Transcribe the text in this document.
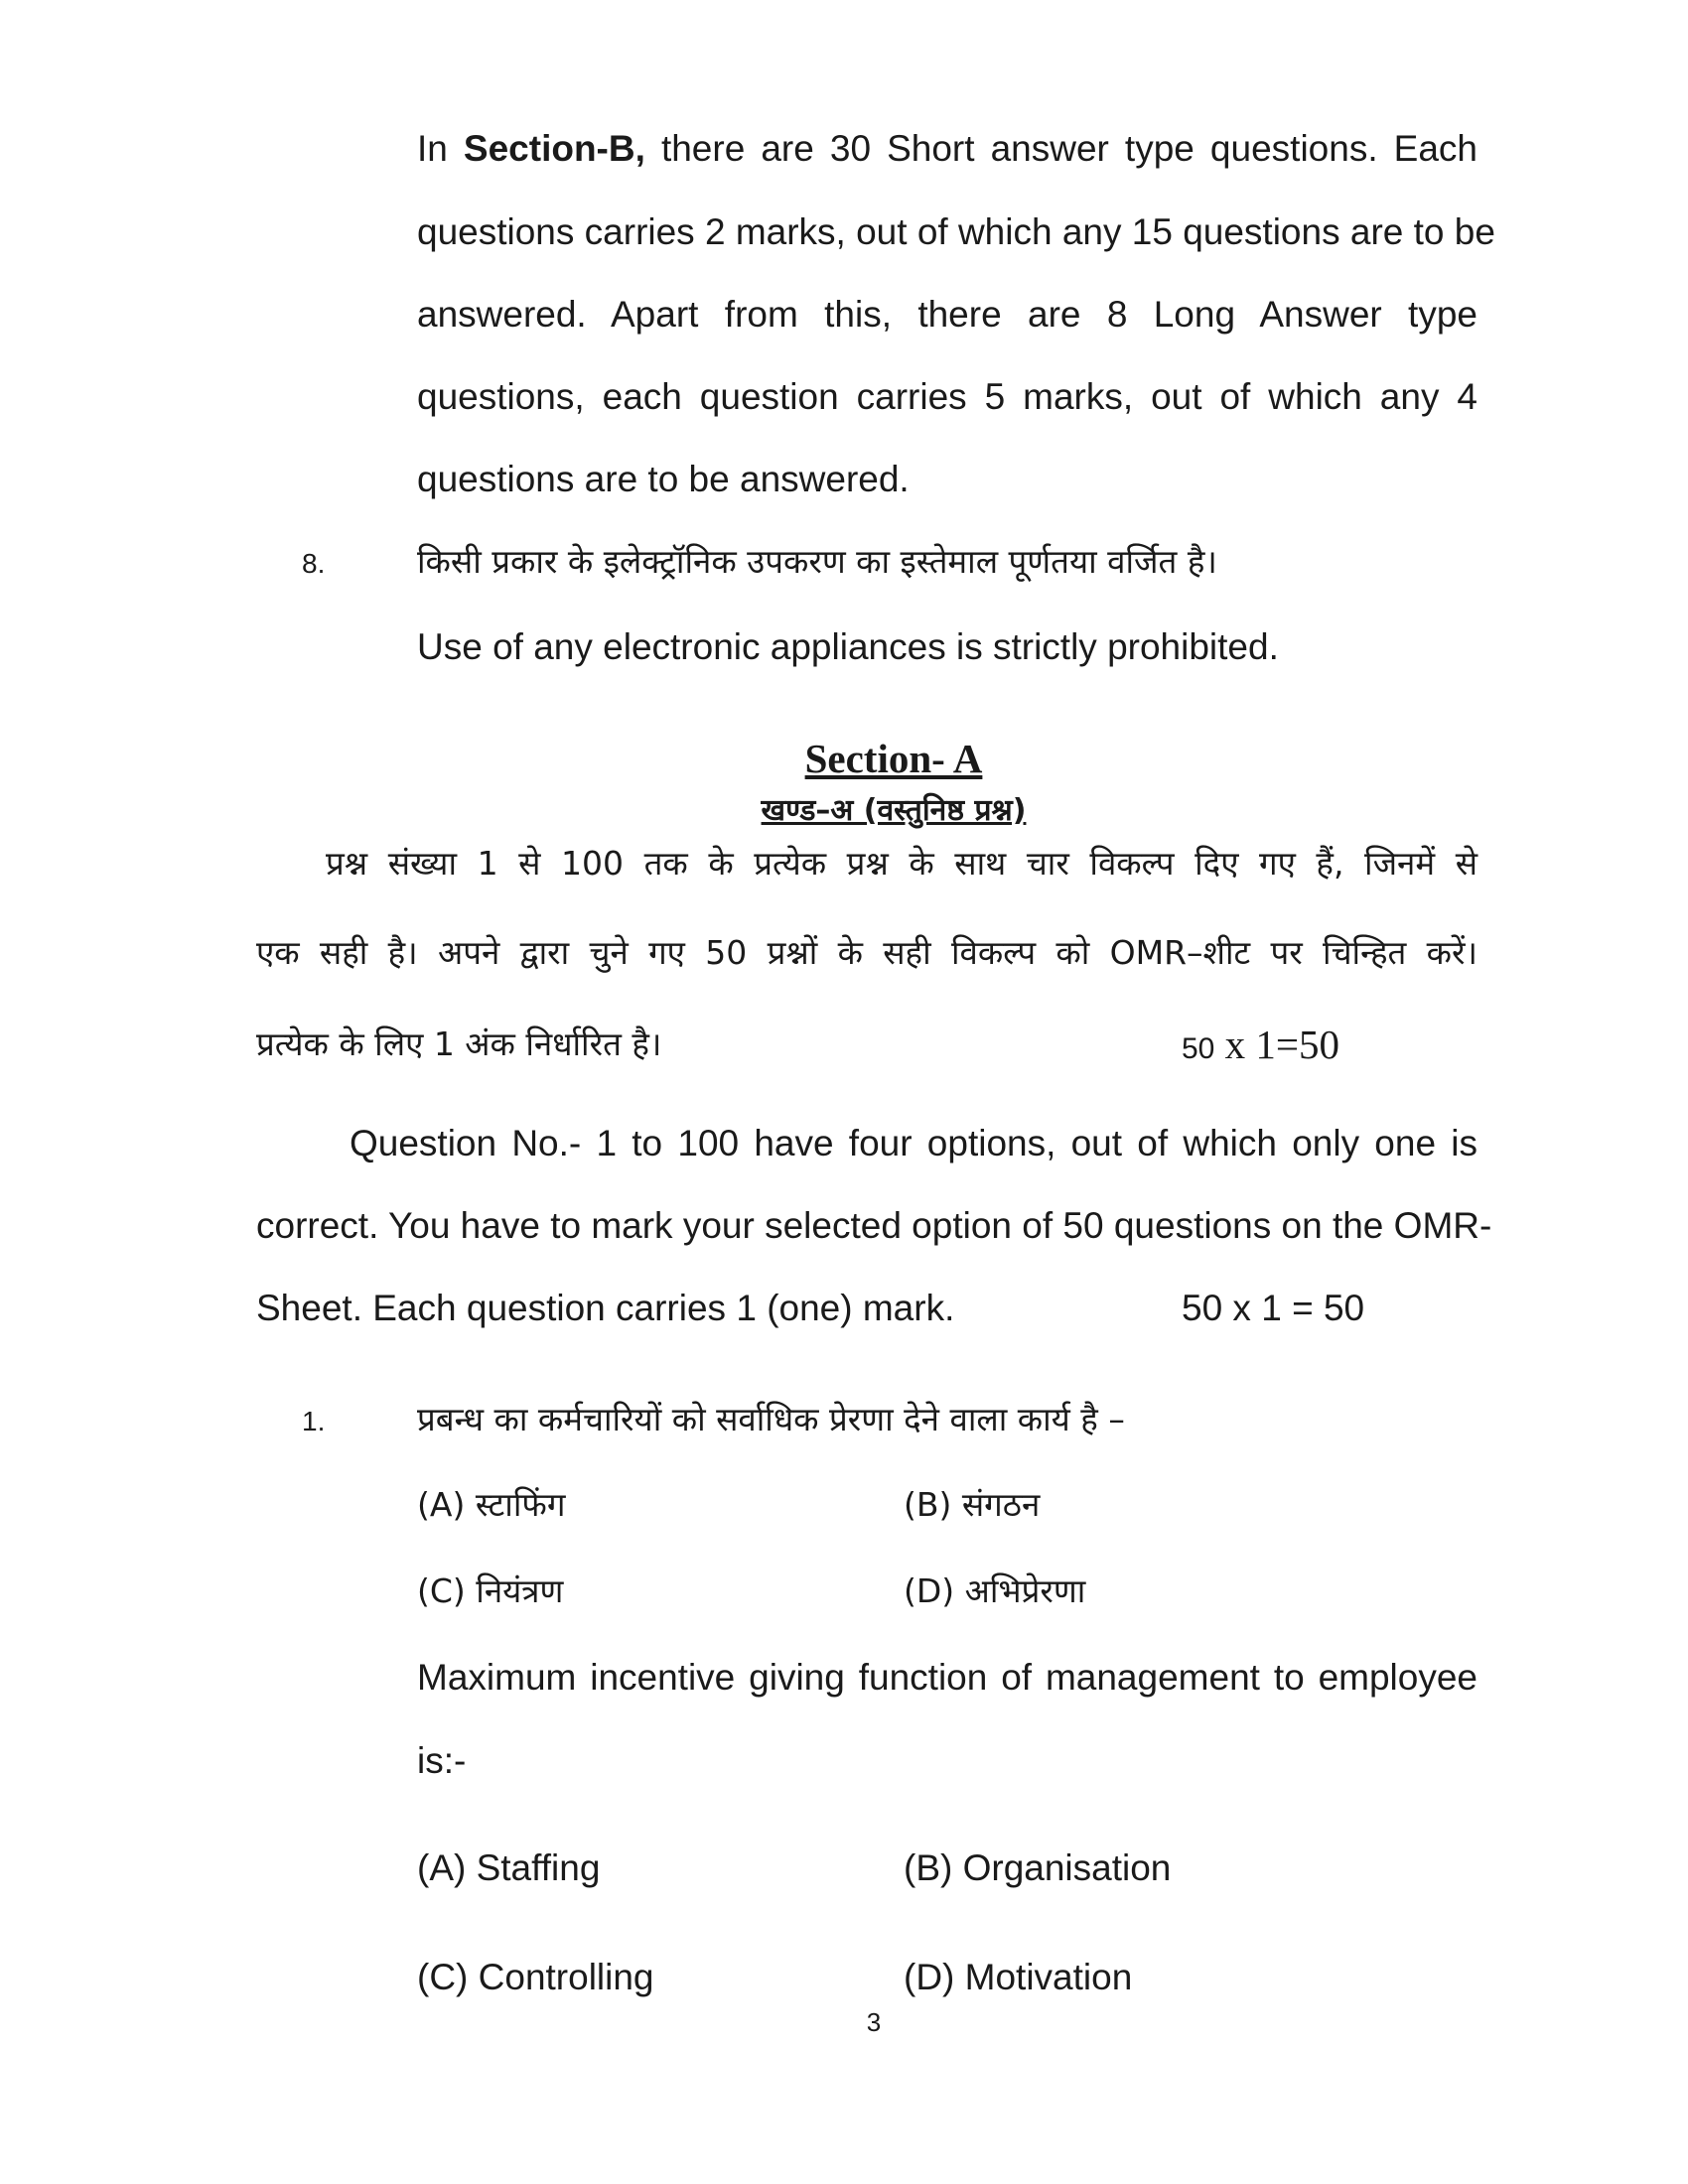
In Section-B, there are 30 Short answer type questions. Each
questions carries 2 marks, out of which any 15 questions are to be
answered. Apart from this, there are 8 Long Answer type
questions, each question carries 5 marks, out of which any 4
questions are to be answered.
8.	किसी प्रकार के इलेक्ट्रॉनिक उपकरण का इस्तेमाल पूर्णतया वर्जित है।
Use of any electronic appliances is strictly prohibited.
Section- A
खण्ड–अ (वस्तुनिष्ठ प्रश्न)
प्रश्न संख्या 1 से 100 तक के प्रत्येक प्रश्न के साथ चार विकल्प दिए गए हैं, जिनमें से
एक सही है। अपने द्वारा चुने गए 50 प्रश्नों के सही विकल्प को OMR–शीट पर चिन्हित करें।
प्रत्येक के लिए 1 अंक निर्धारित है।	50 x 1=50
Question No.- 1 to 100 have four options, out of which only one is
correct. You have to mark your selected option of 50 questions on the OMR-
Sheet. Each question carries 1 (one) mark.	50 x 1 = 50
1.	प्रबन्ध का कर्मचारियों को सर्वाधिक प्रेरणा देने वाला कार्य है –
(A) स्टाफिंग	(B) संगठन
(C) नियंत्रण	(D) अभिप्रेरणा
Maximum incentive giving function of management to employee
is:-
(A) Staffing	(B) Organisation
(C) Controlling	(D) Motivation
3
